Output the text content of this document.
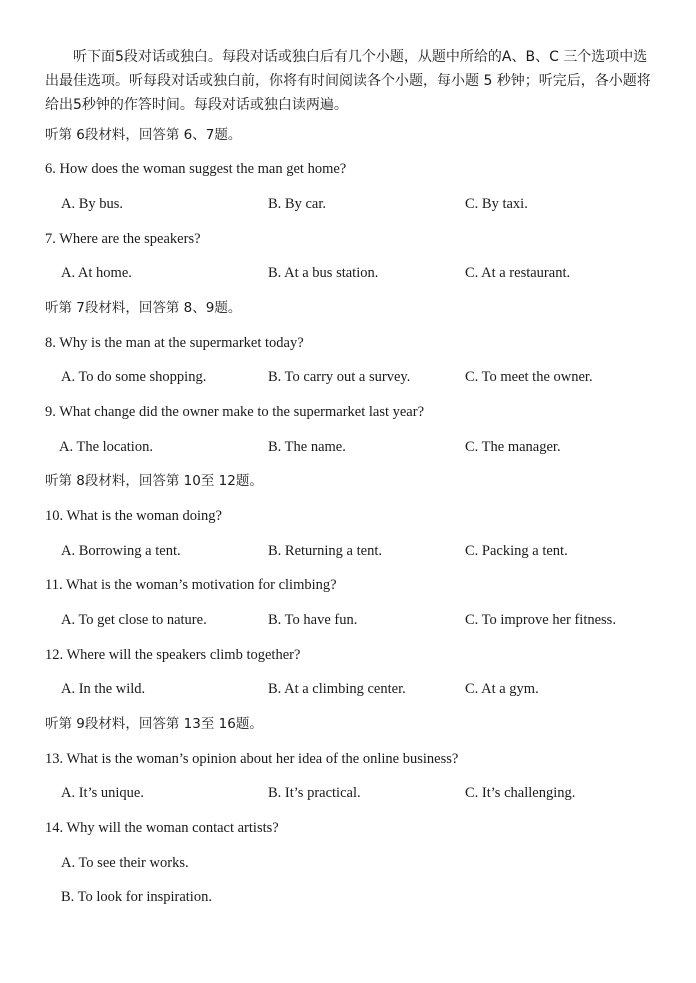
听下面5段对话或独白。每段对话或独白后有几个小题，从题中所给的A、B、C 三个选项中选出最佳选项。听每段对话或独白前，你将有时间阅读各个小题，每小题 5 秒钟；听完后，各小题将给出5秒钟的作答时间。每段对话或独白读两遍。
听第 6段材料，回答第 6、7题。
6. How does the woman suggest the man get home?
A. By bus.	B. By car.	C. By taxi.
7. Where are the speakers?
A. At home.	B. At a bus station.	C. At a restaurant.
听第 7段材料，回答第 8、9题。
8. Why is the man at the supermarket today?
A. To do some shopping.	B. To carry out a survey.	C. To meet the owner.
9. What change did the owner make to the supermarket last year?
A. The location.	B. The name.	C. The manager.
听第 8段材料，回答第 10至 12题。
10. What is the woman doing?
A. Borrowing a tent.	B. Returning a tent.	C. Packing a tent.
11. What is the woman’s motivation for climbing?
A. To get close to nature.	B. To have fun.	C. To improve her fitness.
12. Where will the speakers climb together?
A. In the wild.	B. At a climbing center.	C. At a gym.
听第 9段材料，回答第 13至 16题。
13. What is the woman’s opinion about her idea of the online business?
A. It’s unique.	B. It’s practical.	C. It’s challenging.
14. Why will the woman contact artists?
A. To see their works.
B. To look for inspiration.
